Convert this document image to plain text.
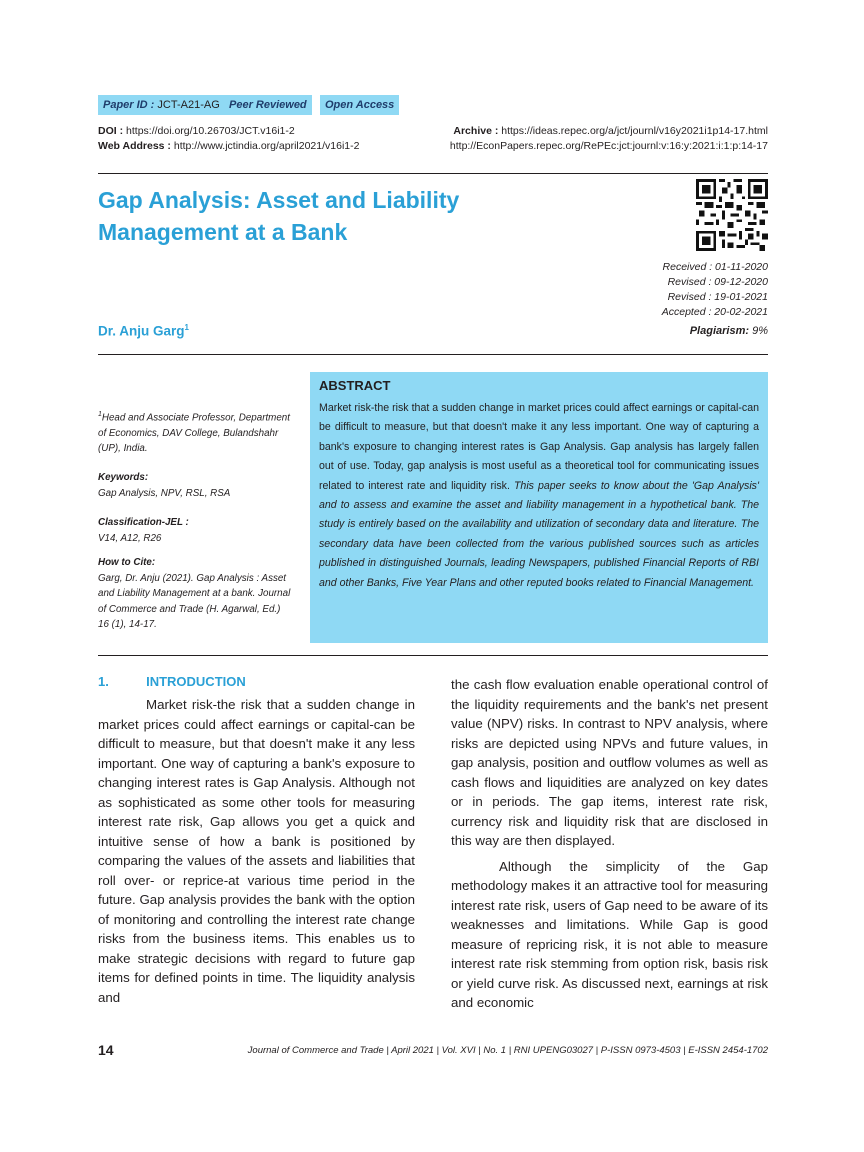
Paper ID : JCT-A21-AG Peer Reviewed	Open Access
DOI : https://doi.org/10.26703/JCT.v16i1-2
Web Address : http://www.jctindia.org/april2021/v16i1-2
Archive : https://ideas.repec.org/a/jct/journl/v16y2021i1p14-17.html
http://EconPapers.repec.org/RePEc:jct:journl:v:16:y:2021:i:1:p:14-17
Gap Analysis: Asset and Liability Management at a Bank
Received : 01-11-2020
Revised : 09-12-2020
Revised : 19-01-2021
Accepted : 20-02-2021
Dr. Anju Garg$^1$	Plagiarism: 9%
$^1$Head and Associate Professor, Department of Economics, DAV College, Bulandshahr (UP), India.
Keywords:
Gap Analysis, NPV, RSL, RSA
Classification-JEL :
V14, A12, R26
How to Cite:
Garg, Dr. Anju (2021). Gap Analysis : Asset and Liability Management at a bank. Journal of Commerce and Trade (H. Agarwal, Ed.) 16 (1), 14-17.
ABSTRACT
Market risk-the risk that a sudden change in market prices could affect earnings or capital-can be difficult to measure, but that doesn't make it any less important. One way of capturing a bank's exposure to changing interest rates is Gap Analysis. Gap analysis has largely fallen out of use. Today, gap analysis is most useful as a theoretical tool for communicating issues related to interest rate and liquidity risk. This paper seeks to know about the 'Gap Analysis' and to assess and examine the asset and liability management in a hypothetical bank. The study is entirely based on the availability and utilization of secondary data and literature. The secondary data have been collected from the various published sources such as articles published in distinguished Journals, leading Newspapers, published Financial Reports of RBI and other Banks, Five Year Plans and other reputed books related to Financial Management.
1.	INTRODUCTION

Market risk-the risk that a sudden change in market prices could affect earnings or capital-can be difficult to measure, but that doesn't make it any less important. One way of capturing a bank's exposure to changing interest rates is Gap Analysis. Although not as sophisticated as some other tools for measuring interest rate risk, Gap allows you get a quick and intuitive sense of how a bank is positioned by comparing the values of the assets and liabilities that roll over- or reprice-at various time period in the future. Gap analysis provides the bank with the option of monitoring and controlling the interest rate change risks from the business items. This enables us to make strategic decisions with regard to future gap items for defined points in time. The liquidity analysis and

the cash flow evaluation enable operational control of the liquidity requirements and the bank's net present value (NPV) risks. In contrast to NPV analysis, where risks are depicted using NPVs and future values, in gap analysis, position and outflow volumes as well as cash flows and liquidities are analyzed on key dates or in periods. The gap items, interest rate risk, currency risk and liquidity risk that are disclosed in this way are then displayed.

Although the simplicity of the Gap methodology makes it an attractive tool for measuring interest rate risk, users of Gap need to be aware of its weaknesses and limitations. While Gap is good measure of repricing risk, it is not able to measure interest rate risk stemming from option risk, basis risk or yield curve risk. As discussed next, earnings at risk and economic

14	Journal of Commerce and Trade | April 2021 | Vol. XVI | No. 1 | RNI UPENG03027 | P-ISSN 0973-4503 | E-ISSN 2454-1702
